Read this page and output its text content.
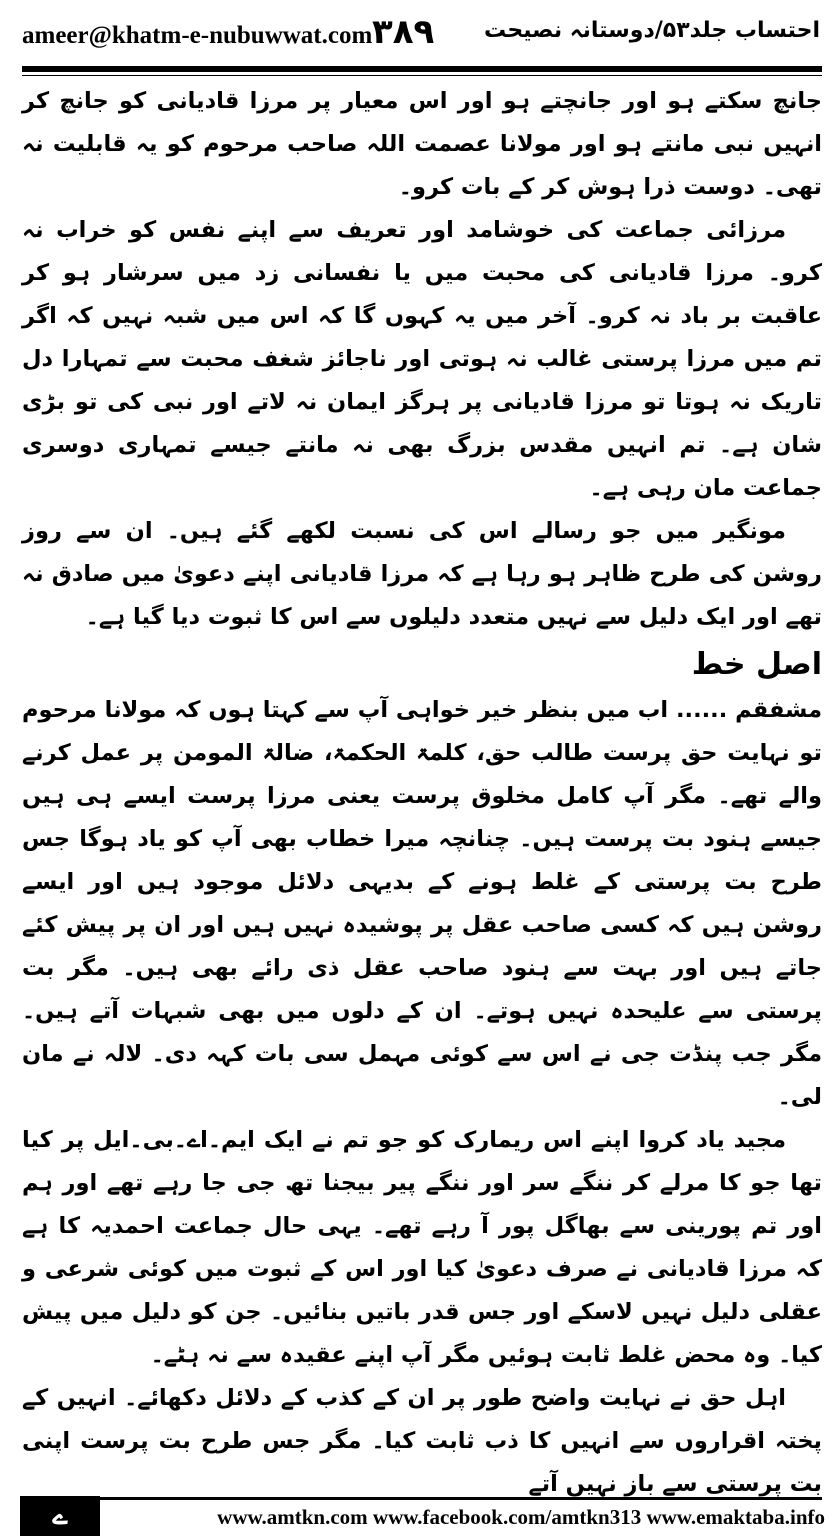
ameer@khatm-e-nubuwwat.com ۳۸۹ احتساب جلد۵۳/دوستانہ نصیحت

جانچ سکتے ہو اور جانچتے ہو اور اس معیار پر مرزا قادیانی کو جانچ کر انہیں نبی مانتے ہو اور مولانا عصمت اللہ صاحب مرحوم کو یہ قابلیت نہ تھی۔ دوست ذرا ہوش کر کے بات کرو۔

مرزائی جماعت کی خوشامد اور تعریف سے اپنے نفس کو خراب نہ کرو۔ مرزا قادیانی کی محبت میں یا نفسانی زد میں سرشار ہو کر عاقبت بر باد نہ کرو۔ آخر میں یہ کہوں گا کہ اس میں شبہ نہیں کہ اگر تم میں مرزا پرستی غالب نہ ہوتی اور ناجائز شغف محبت سے تمہارا دل تاریک نہ ہوتا تو مرزا قادیانی پر ہرگز ایمان نہ لاتے اور نبی کی تو بڑی شان ہے۔ تم انہیں مقدس بزرگ بھی نہ مانتے جیسے تمہاری دوسری جماعت مان رہی ہے۔

مونگیر میں جو رسالے اس کی نسبت لکھے گئے ہیں۔ ان سے روز روشن کی طرح ظاہر ہو رہا ہے کہ مرزا قادیانی اپنے دعویٰ میں صادق نہ تھے اور ایک دلیل سے نہیں متعدد دلیلوں سے اس کا ثبوت دیا گیا ہے۔

اصل خط

مشفقم ...... اب میں بنظر خیر خواہی آپ سے کہتا ہوں کہ مولانا مرحوم تو نہایت حق پرست طالب حق، کلمۃ الحکمۃ، ضالۃ المومن پر عمل کرنے والے تھے۔ مگر آپ کامل مخلوق پرست یعنی مرزا پرست ایسے ہی ہیں جیسے ہنود بت پرست ہیں۔ چنانچہ میرا خطاب بھی آپ کو یاد ہوگا جس طرح بت پرستی کے غلط ہونے کے بدیہی دلائل موجود ہیں اور ایسے روشن ہیں کہ کسی صاحب عقل پر پوشیدہ نہیں ہیں اور ان پر پیش کئے جاتے ہیں اور بہت سے ہنود صاحب عقل ذی رائے بھی ہیں۔ مگر بت پرستی سے علیحدہ نہیں ہوتے۔ ان کے دلوں میں بھی شبہات آتے ہیں۔ مگر جب پنڈت جی نے اس سے کوئی مہمل سی بات کہہ دی۔ لالہ نے مان لی۔

مجید یاد کروا اپنے اس ریمارک کو جو تم نے ایک ایم۔اے۔بی۔ایل پر کیا تھا جو کا مرلے کر ننگے سر اور ننگے پیر بیجنا تھ جی جا رہے تھے اور ہم اور تم پورینی سے بھاگل پور آ رہے تھے۔ یہی حال جماعت احمدیہ کا ہے کہ مرزا قادیانی نے صرف دعویٰ کیا اور اس کے ثبوت میں کوئی شرعی و عقلی دلیل نہیں لاسکے اور جس قدر باتیں بنائیں۔ جن کو دلیل میں پیش کیا۔ وہ محض غلط ثابت ہوئیں مگر آپ اپنے عقیدہ سے نہ ہٹے۔

اہل حق نے نہایت واضح طور پر ان کے کذب کے دلائل دکھائے۔ انہیں کے پختہ اقراروں سے انہیں کا ذب ثابت کیا۔ مگر جس طرح بت پرست اپنی بت پرستی سے باز نہیں آتے

ے	www.amtkn.com www.facebook.com/amtkn313 www.emaktaba.info
